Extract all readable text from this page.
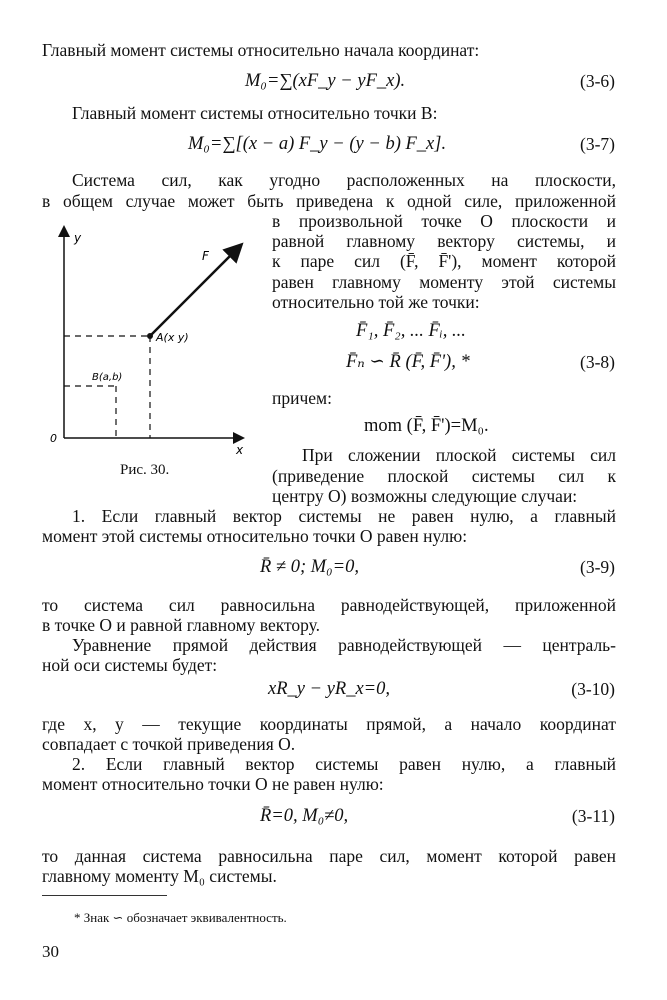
Главный момент системы относительно начала координат:
M₀=∑(xF_y − yF_x).	(3-6)
Главный момент системы относительно точки B:
M₀=∑[(x − a) F_y − (y − b) F_x].	(3-7)
Система сил, как угодно расположенных на плоскости,
в общем случае может быть приведена к одной силе, приложенной
в произвольной точке O плоскости и
равной главному вектору системы, и
к паре сил (F̄, F̄'), момент которой
равен главному моменту этой системы
относительно той же точки:
F̄₁, F̄₂, ... F̄ᵢ, ...
F̄ₙ ∽ R̄ (F̄, F̄'), *	(3-8)
причем:
mom (F̄, F̄')=M₀.
При сложении плоской системы сил
(приведение плоской системы сил к
центру O) возможны следующие случаи:
1. Если главный вектор системы не равен нулю, а главный
момент этой системы относительно точки O равен нулю:
R̄ ≠ 0; M₀=0,	(3-9)
то система сил равносильна равнодействующей, приложенной
в точке O и равной главному вектору.
Уравнение прямой действия равнодействующей — централь-
ной оси системы будет:
xR_y − yR_x=0,	(3-10)
где x, y — текущие координаты прямой, а начало координат
совпадает с точкой приведения O.
2. Если главный вектор системы равен нулю, а главный
момент относительно точки O не равен нулю:
R̄=0, M₀≠0,	(3-11)
то данная система равносильна паре сил, момент которой равен
главному моменту M₀ системы.
y
x
F
A(x y)
B(a,b)
0
Рис. 30.
* Знак ∽ обозначает эквивалентность.
30
